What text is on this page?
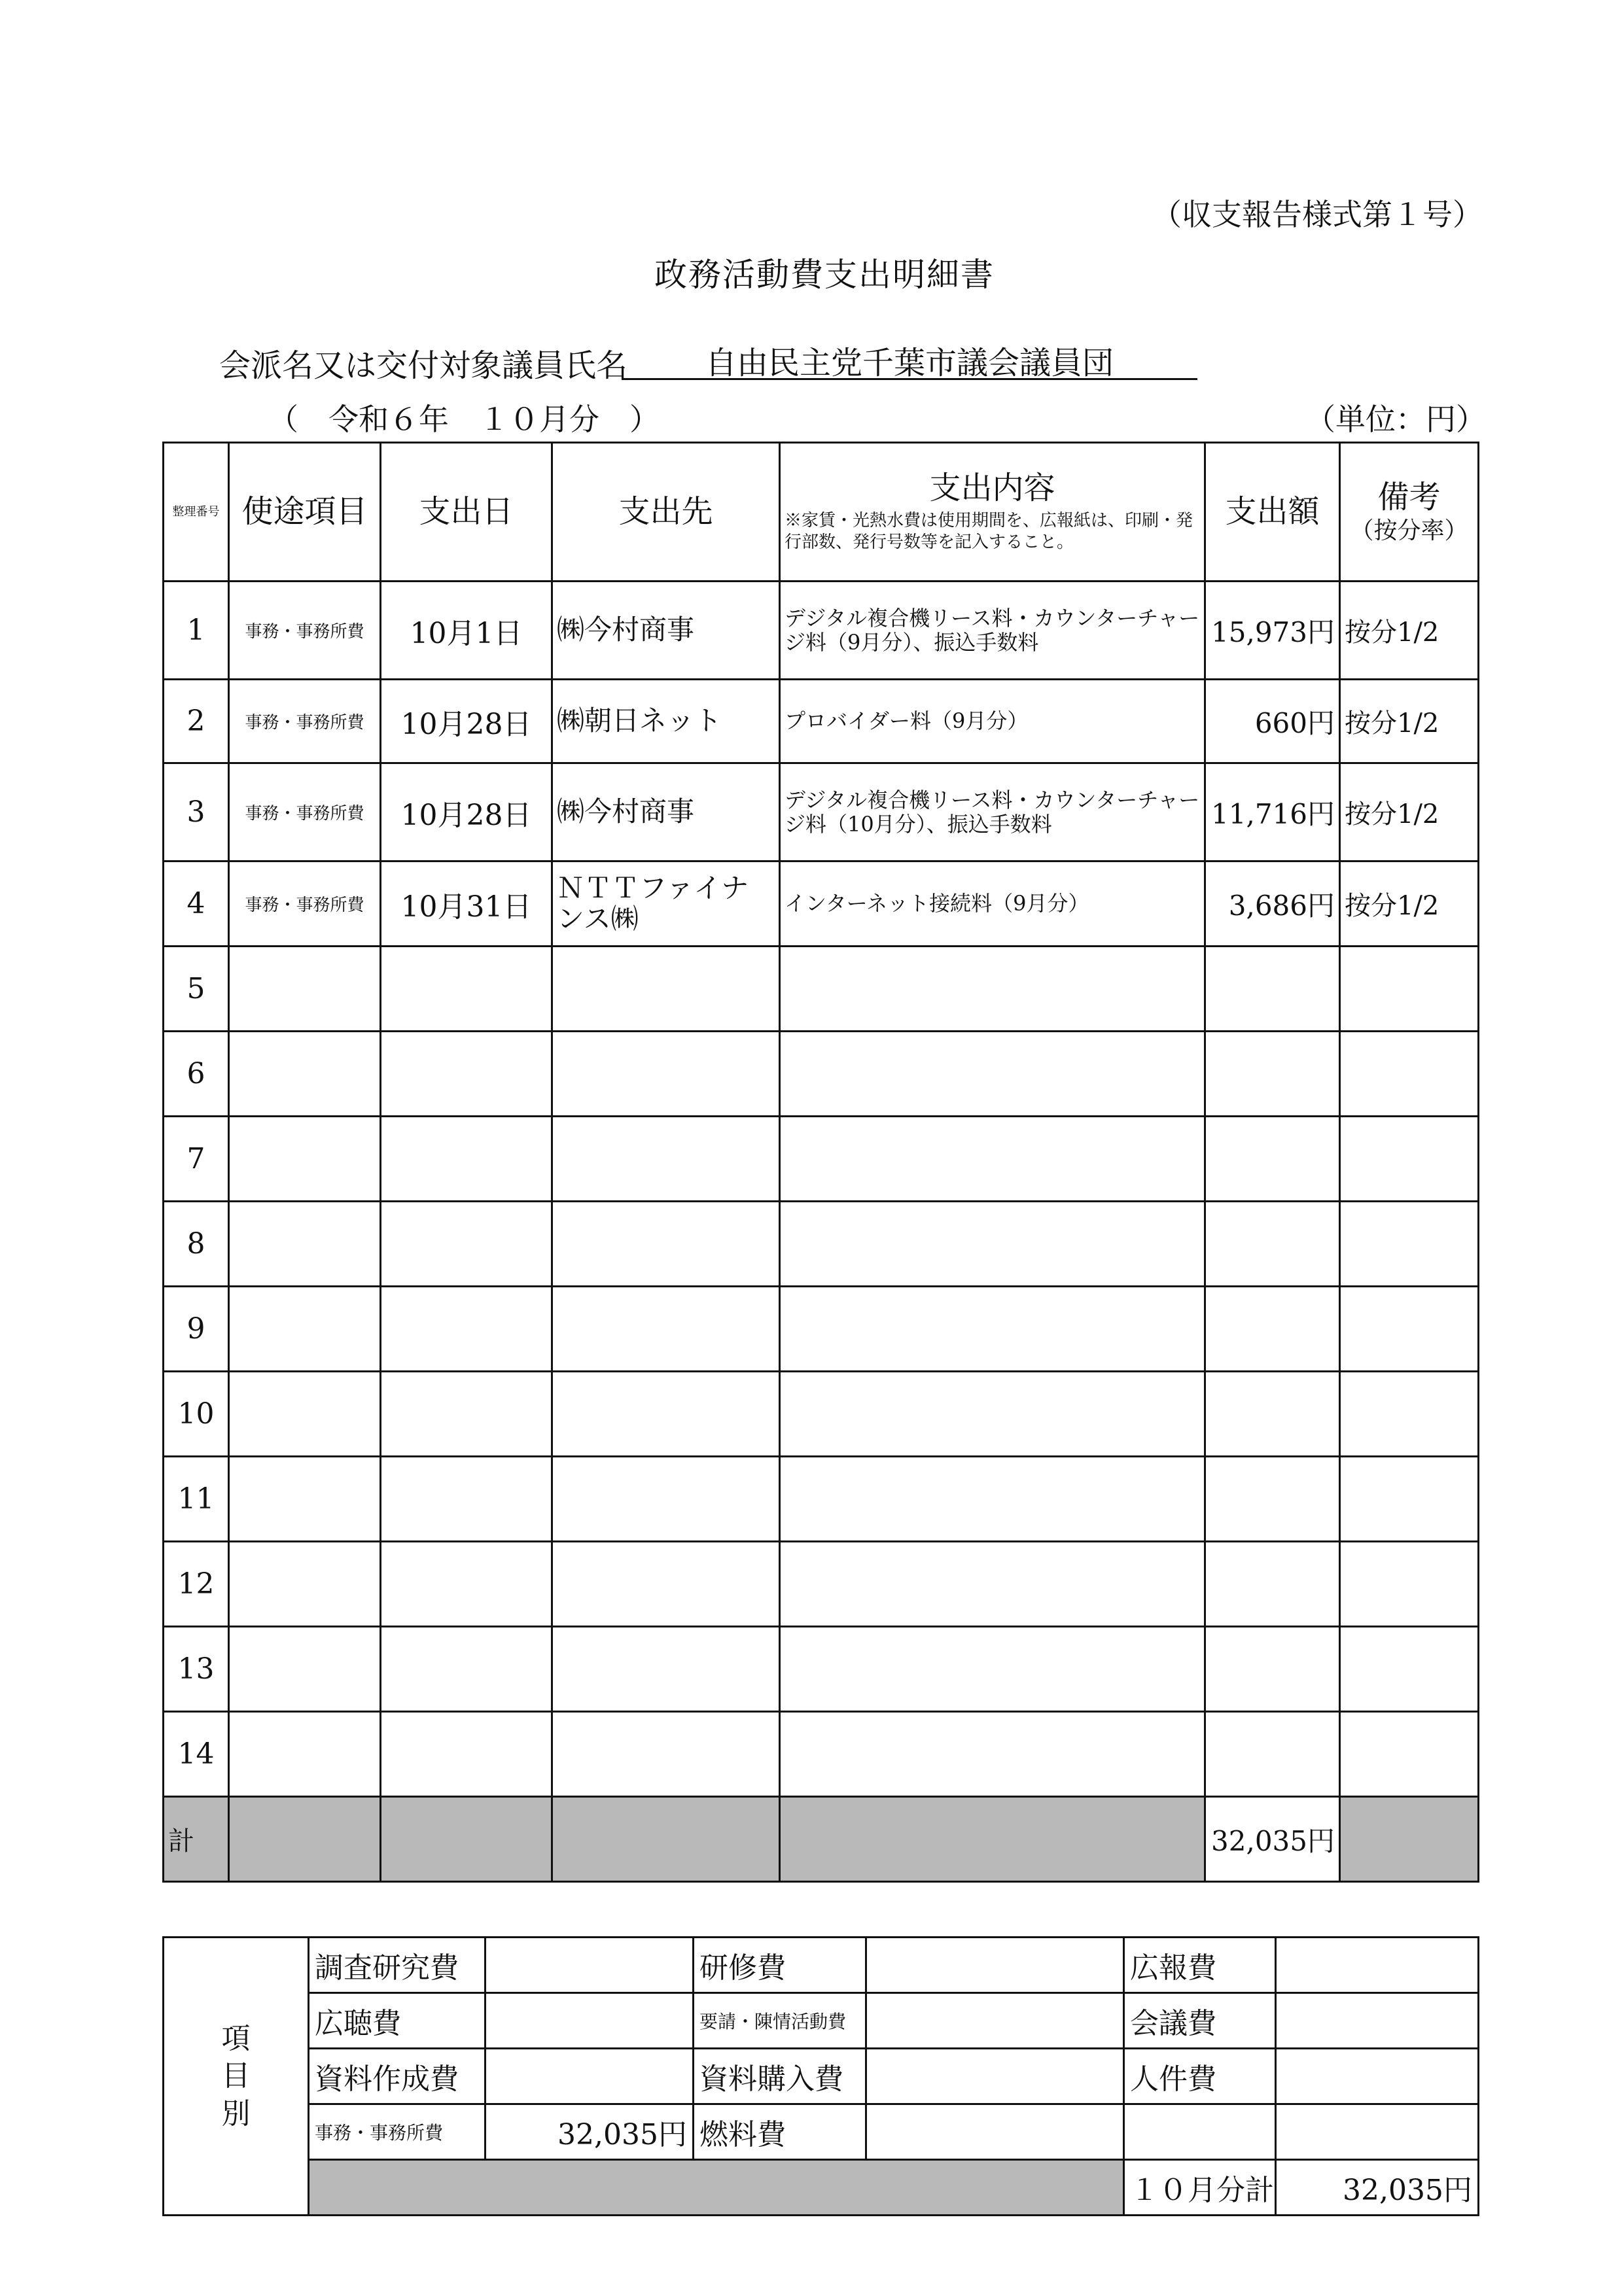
（収支報告様式第１号）
政務活動費支出明細書
会派名又は交付対象議員氏名	自由民主党千葉市議会議員団
（　令和６年　１０月分　）	（単位：円）
整理番号	使途項目	支出日	支出先	支出内容
※家賃・光熱水費は使用期間を、広報紙は、印刷・発行部数、発行号数等を記入すること。	支出額	備考
（按分率）

1	事務・事務所費	10月1日	㈱今村商事	デジタル複合機リース料・カウンターチャージ料（9月分）、振込手数料	15,973円	按分1/2
2	事務・事務所費	10月28日	㈱朝日ネット	プロバイダー料（9月分）	660円	按分1/2
3	事務・事務所費	10月28日	㈱今村商事	デジタル複合機リース料・カウンターチャージ料（10月分）、振込手数料	11,716円	按分1/2
4	事務・事務所費	10月31日	ＮＴＴファイナンス㈱	インターネット接続料（9月分）	3,686円	按分1/2
5						
6						
7						
8						
9						
10						
11						
12						
13						
14						
計					32,035円	
項
目
別	調査研究費		研修費		広報費	
	広聴費		要請・陳情活動費		会議費	
	資料作成費		資料購入費		人件費	
	事務・事務所費	32,035円	燃料費			
					１０月分計	32,035円
